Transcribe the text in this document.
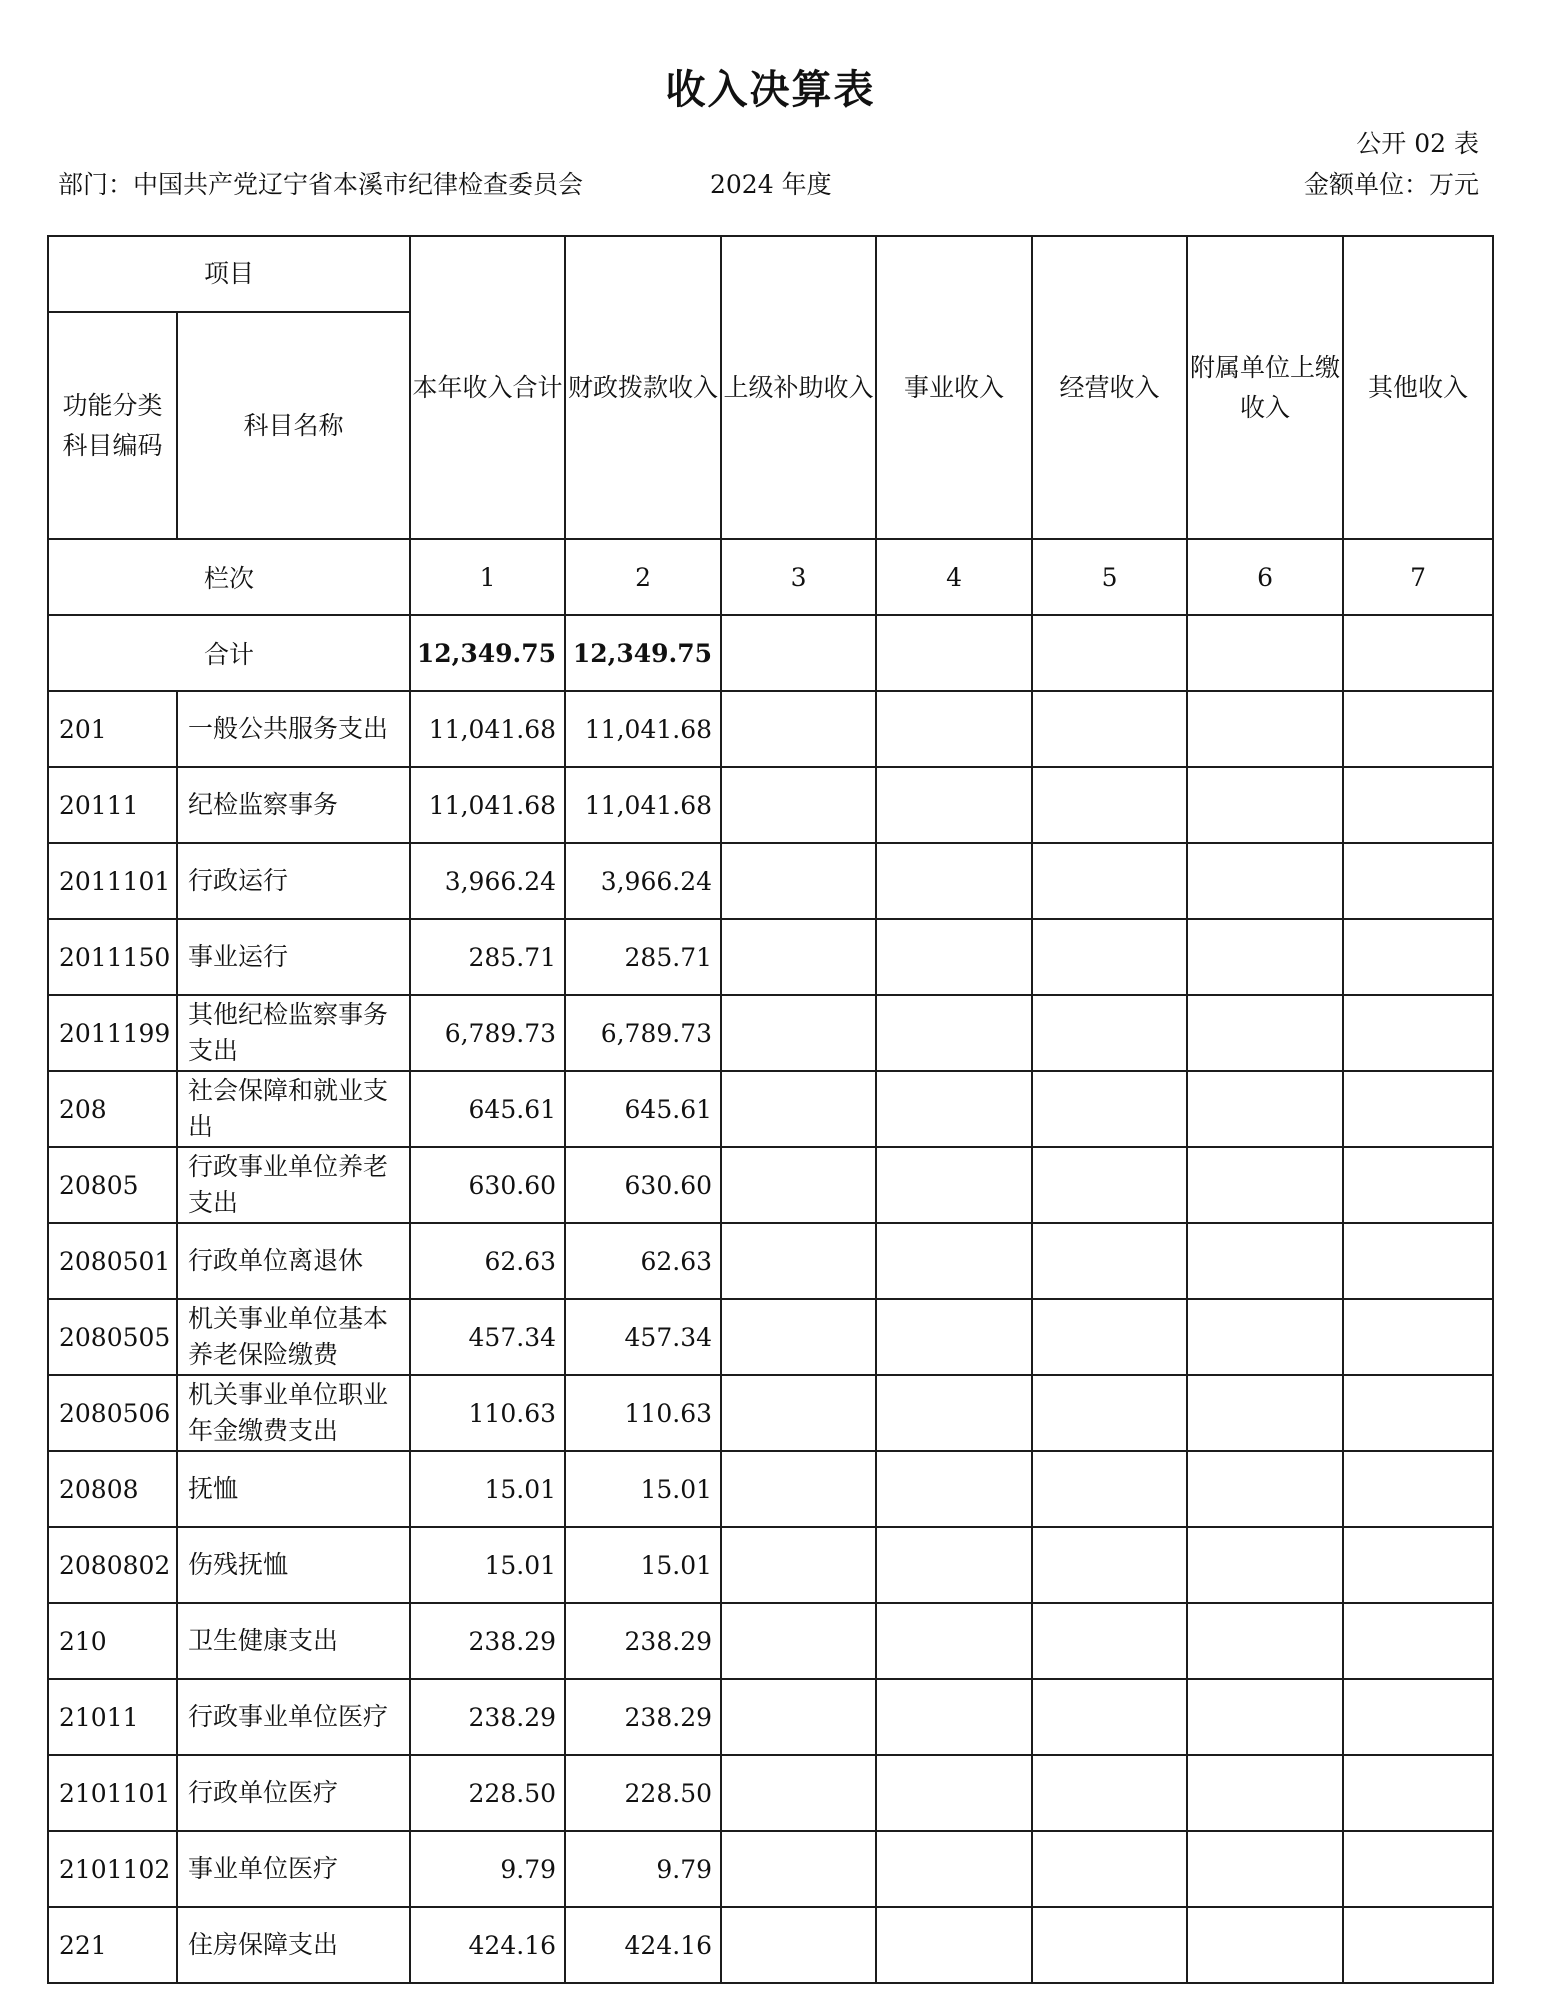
收入决算表
公开 02 表
部门：中国共产党辽宁省本溪市纪律检查委员会	2024 年度	金额单位：万元
项目		本年收入合计	财政拨款收入	上级补助收入	事业收入	经营收入	附属单位上缴收入	其他收入
功能分类科目编码	科目名称							
栏次		1	2	3	4	5	6	7
合计		12,349.75	12,349.75					
201	一般公共服务支出	11,041.68	11,041.68					
20111	纪检监察事务	11,041.68	11,041.68					
2011101	行政运行	3,966.24	3,966.24					
2011150	事业运行	285.71	285.71					
2011199	其他纪检监察事务支出	6,789.73	6,789.73					
208	社会保障和就业支出	645.61	645.61					
20805	行政事业单位养老支出	630.60	630.60					
2080501	行政单位离退休	62.63	62.63					
2080505	机关事业单位基本养老保险缴费	457.34	457.34					
2080506	机关事业单位职业年金缴费支出	110.63	110.63					
20808	抚恤	15.01	15.01					
2080802	伤残抚恤	15.01	15.01					
210	卫生健康支出	238.29	238.29					
21011	行政事业单位医疗	238.29	238.29					
2101101	行政单位医疗	228.50	228.50					
2101102	事业单位医疗	9.79	9.79					
221	住房保障支出	424.16	424.16					
